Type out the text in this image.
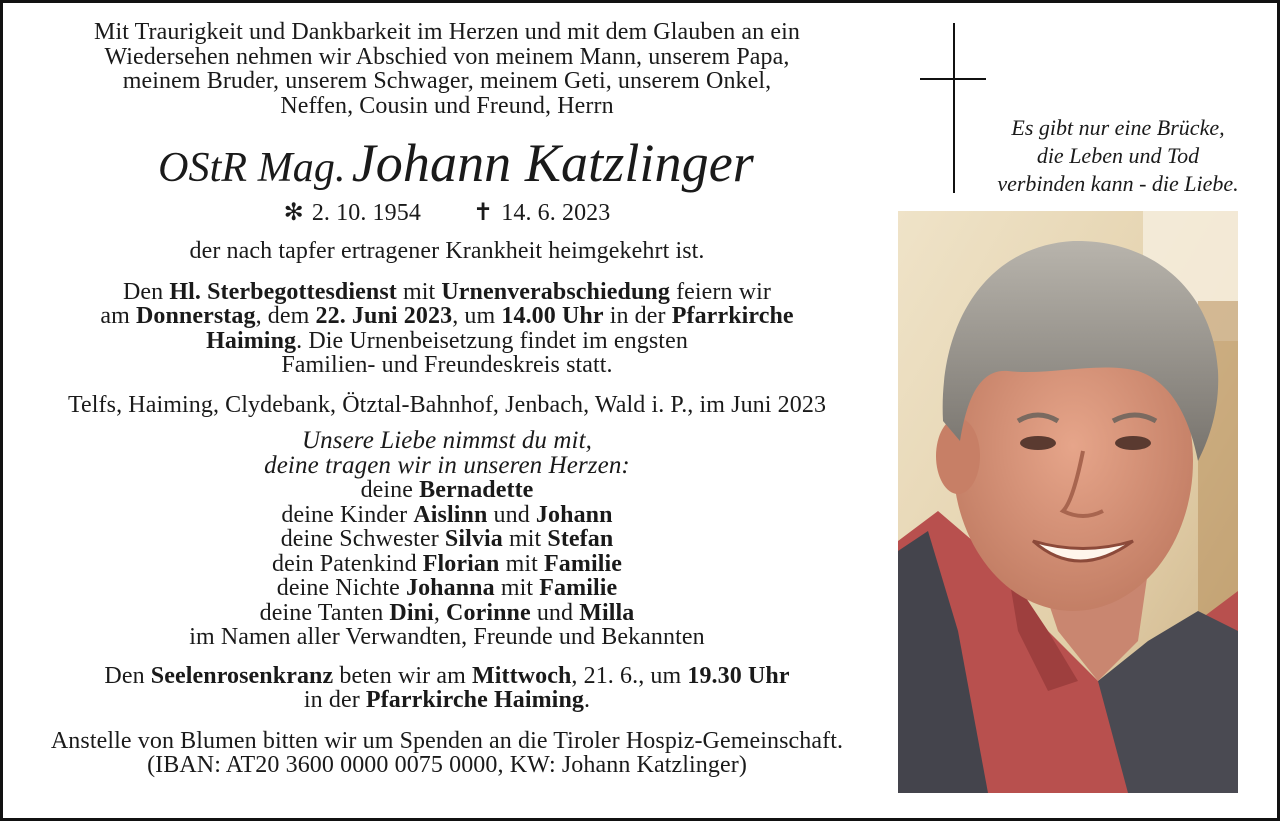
Mit Traurigkeit und Dankbarkeit im Herzen und mit dem Glauben an ein
Wiedersehen nehmen wir Abschied von meinem Mann, unserem Papa,
meinem Bruder, unserem Schwager, meinem Geti, unserem Onkel,
Neffen, Cousin und Freund, Herrn

OStR Mag. Johann Katzlinger
✻ 2. 10. 1954 ✝ 14. 6. 2023

der nach tapfer ertragener Krankheit heimgekehrt ist.

Den Hl. Sterbegottesdienst mit Urnenverabschiedung feiern wir
am Donnerstag, dem 22. Juni 2023, um 14.00 Uhr in der Pfarrkirche
Haiming. Die Urnenbeisetzung findet im engsten
Familien- und Freundeskreis statt.

Telfs, Haiming, Clydebank, Ötztal-Bahnhof, Jenbach, Wald i. P., im Juni 2023

Unsere Liebe nimmst du mit,

deine tragen wir in unseren Herzen:

deine Bernadette
deine Kinder Aislinn und Johann
deine Schwester Silvia mit Stefan
dein Patenkind Florian mit Familie
deine Nichte Johanna mit Familie
deine Tanten Dini, Corinne und Milla
im Namen aller Verwandten, Freunde und Bekannten

Den Seelenrosenkranz beten wir am Mittwoch, 21. 6., um 19.30 Uhr
in der Pfarrkirche Haiming.

Anstelle von Blumen bitten wir um Spenden an die Tiroler Hospiz-Gemeinschaft.
(IBAN: AT20 3600 0000 0075 0000, KW: Johann Katzlinger)

Es gibt nur eine Brücke,
die Leben und Tod
verbinden kann - die Liebe.
